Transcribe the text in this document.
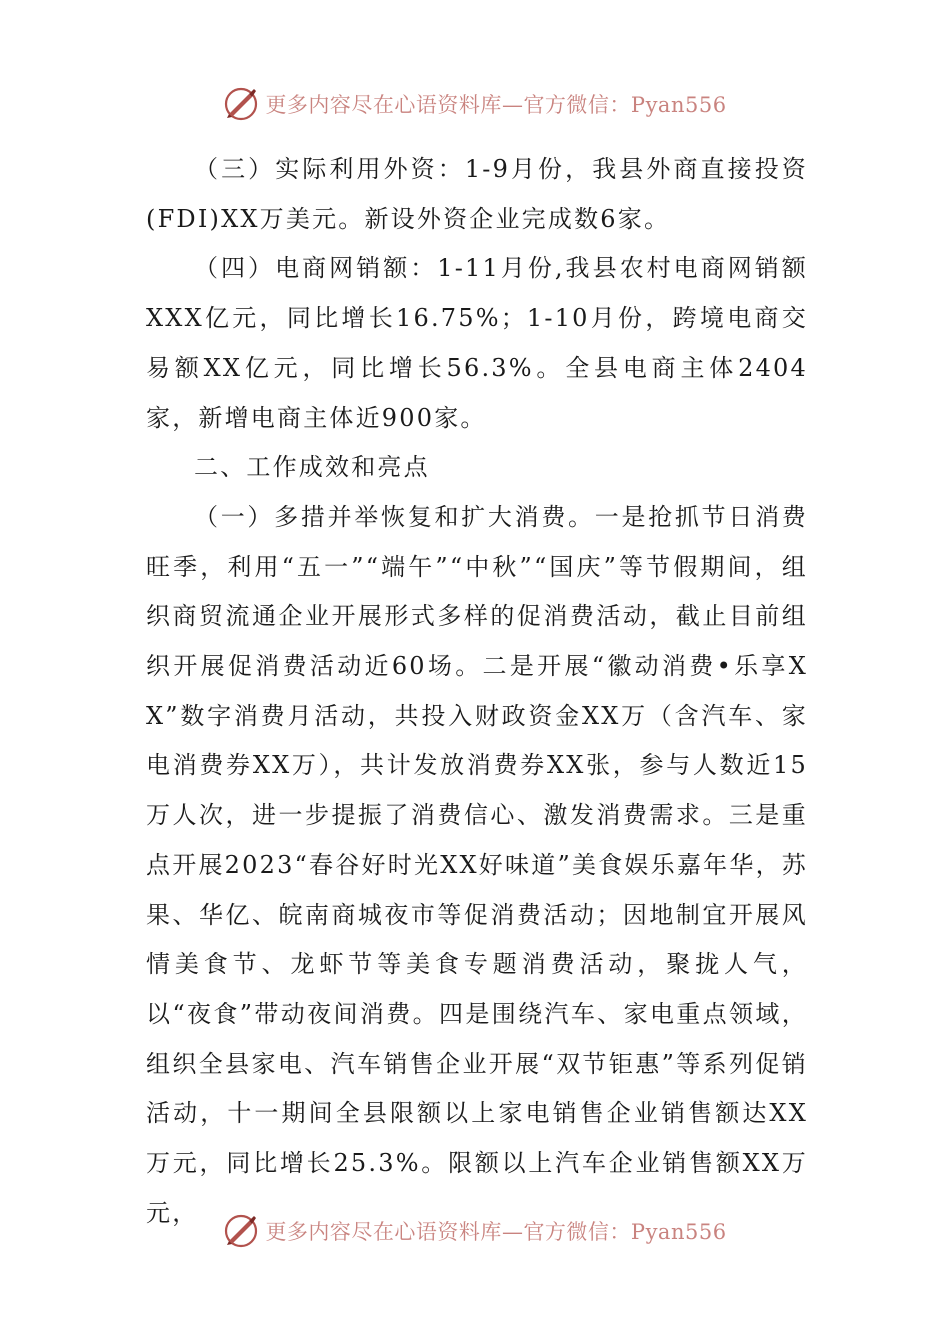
更多内容尽在心语资料库—官方微信：Pyan556

（三）实际利用外资：1-9月份，我县外商直接投资(FDI)XX万美元。新设外资企业完成数6家。

（四）电商网销额：1-11月份,我县农村电商网销额XXX亿元，同比增长16.75%；1-10月份，跨境电商交易额XX亿元，同比增长56.3%。全县电商主体2404家，新增电商主体近900家。

二、工作成效和亮点

（一）多措并举恢复和扩大消费。一是抢抓节日消费旺季，利用“五一”“端午”“中秋”“国庆”等节假期间，组织商贸流通企业开展形式多样的促消费活动，截止目前组织开展促消费活动近60场。二是开展“徽动消费•乐享XX”数字消费月活动，共投入财政资金XX万（含汽车、家电消费券XX万），共计发放消费券XX张，参与人数近15万人次，进一步提振了消费信心、激发消费需求。三是重点开展2023“春谷好时光XX好味道”美食娱乐嘉年华，苏果、华亿、皖南商城夜市等促消费活动；因地制宜开展风情美食节、龙虾节等美食专题消费活动，聚拢人气，以“夜食”带动夜间消费。四是围绕汽车、家电重点领域，组织全县家电、汽车销售企业开展“双节钜惠”等系列促销活动，十一期间全县限额以上家电销售企业销售额达XX万元，同比增长25.3%。限额以上汽车企业销售额XX万元，

更多内容尽在心语资料库—官方微信：Pyan556
